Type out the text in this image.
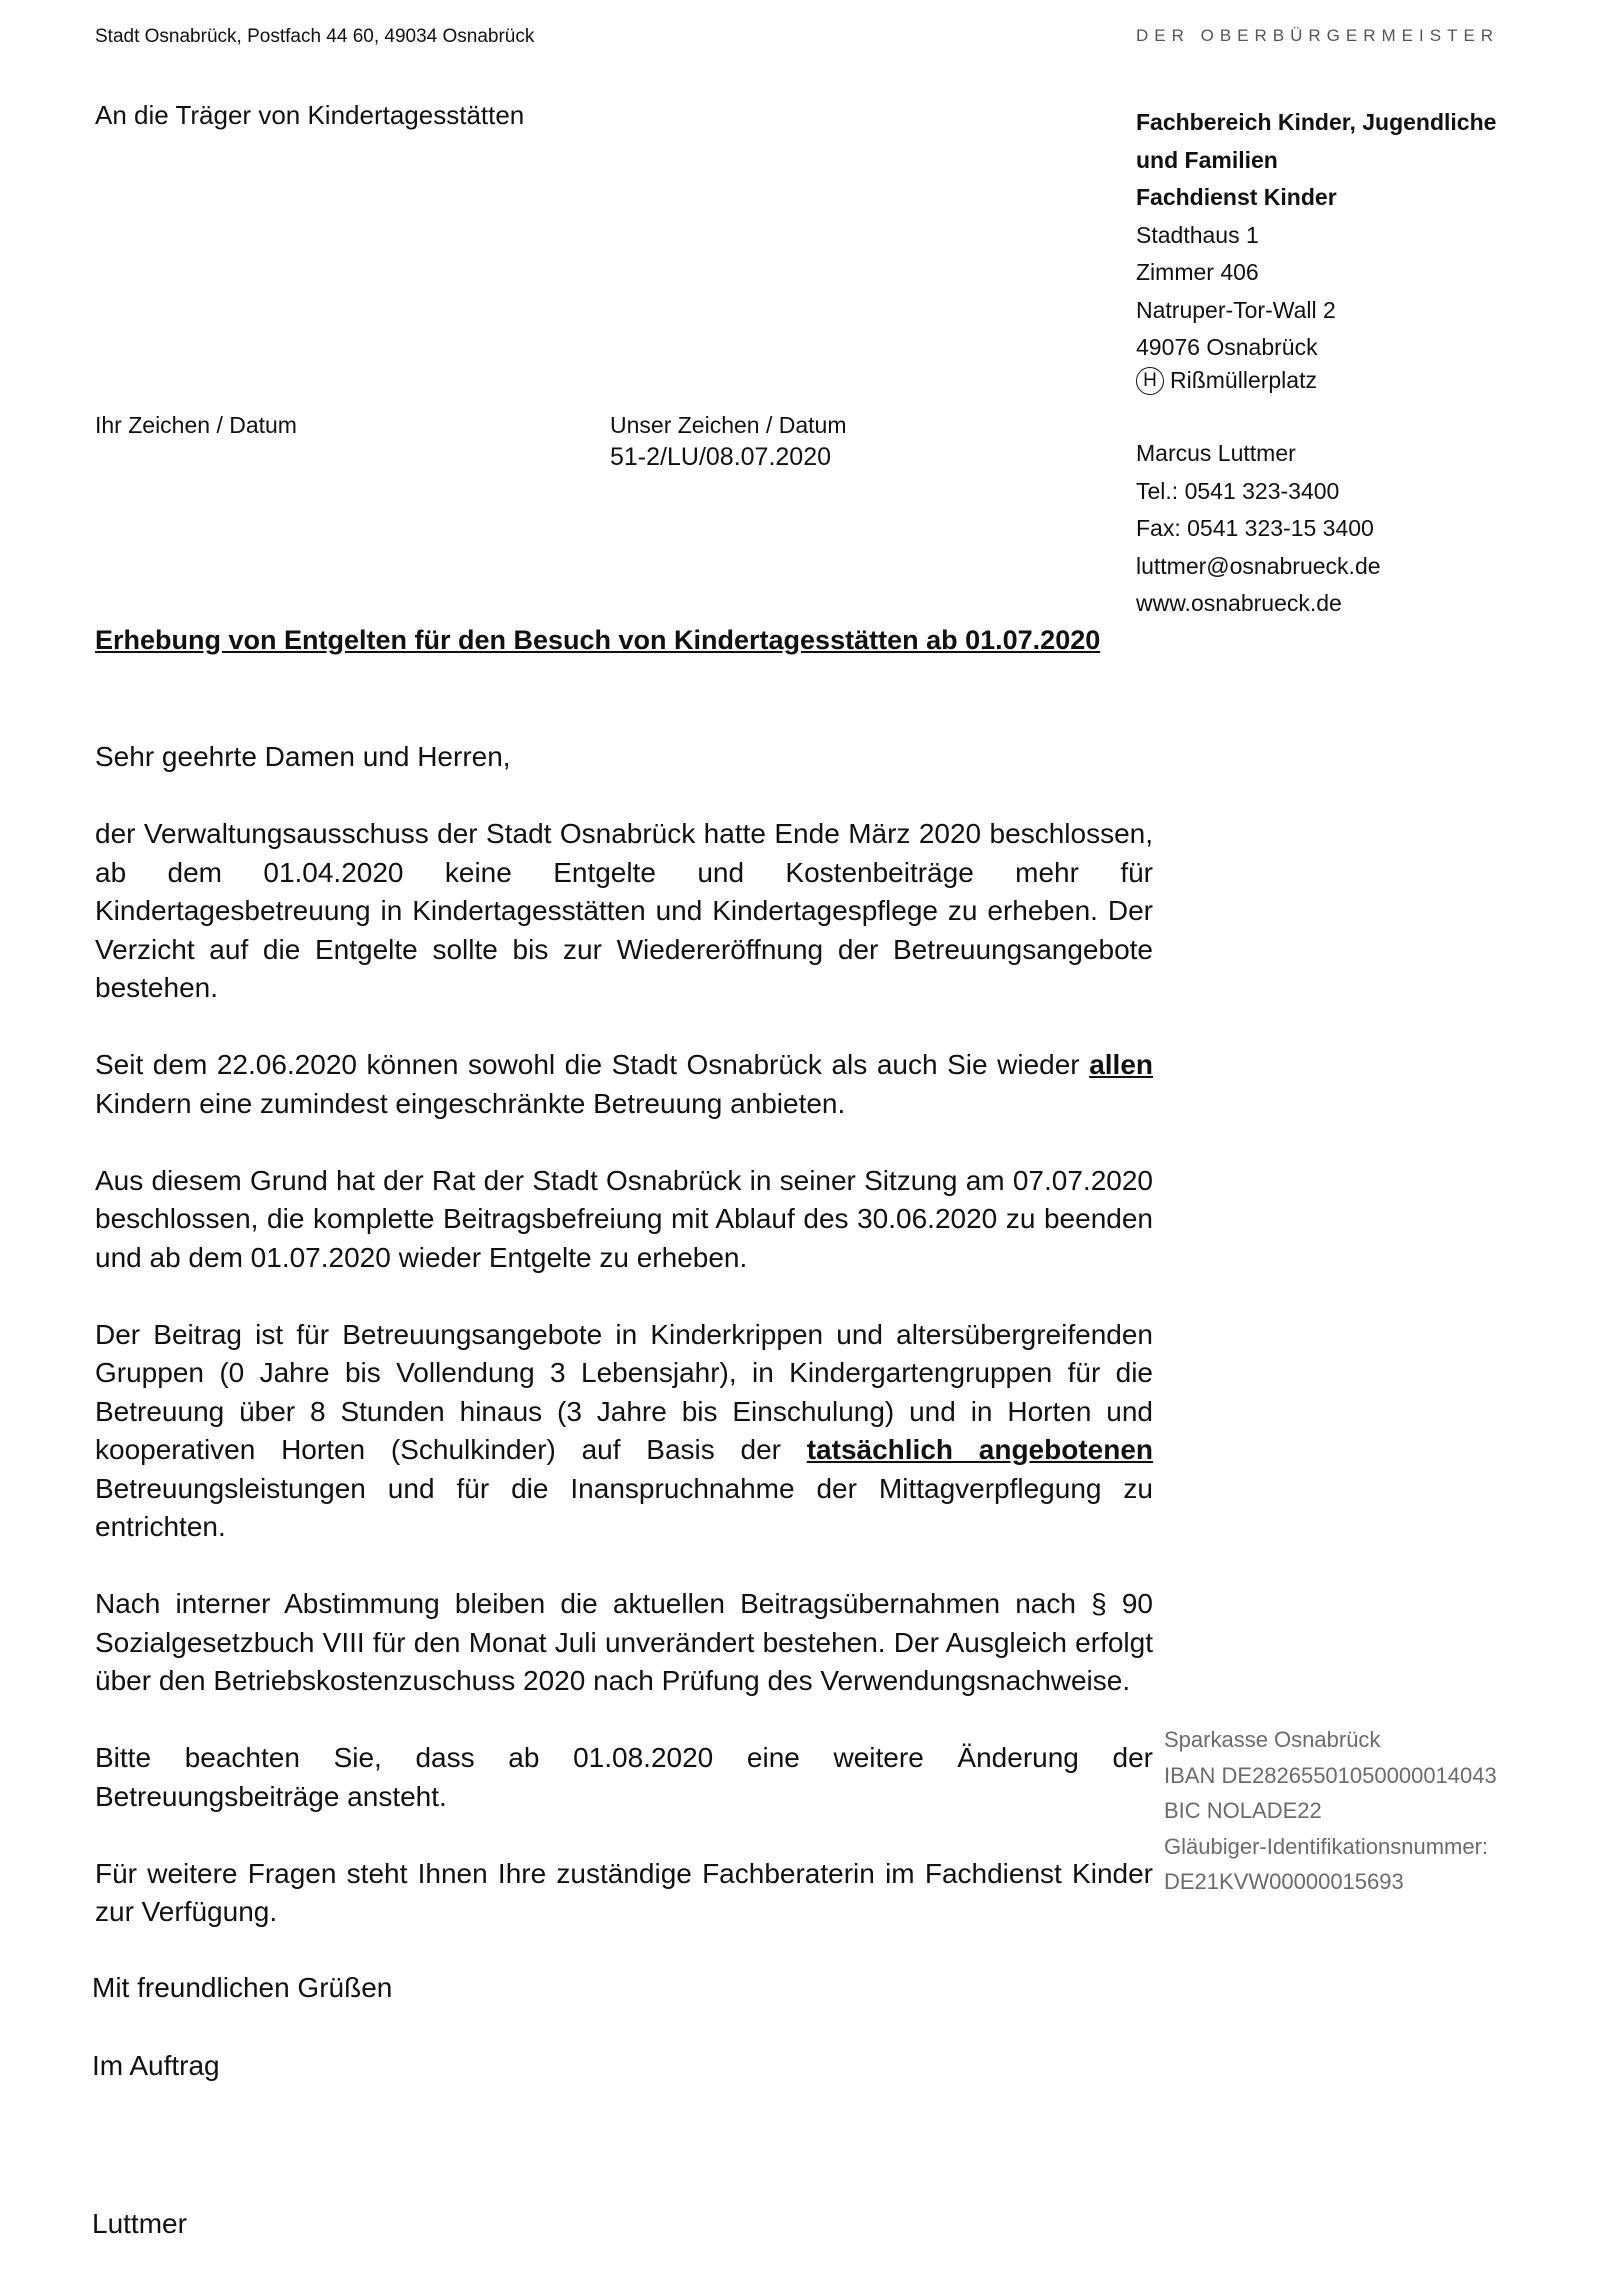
Stadt Osnabrück, Postfach 44 60, 49034 Osnabrück	DER OBERBÜRGERMEISTER
An die Träger von Kindertagesstätten	Fachbereich Kinder, Jugendliche
und Familien
Fachdienst Kinder
Stadthaus 1
Zimmer 406
Natruper-Tor-Wall 2
49076 Osnabrück
H Rißmüllerplatz
Ihr Zeichen / Datum	Unser Zeichen / Datum
51-2/LU/08.07.2020	Marcus Luttmer
Tel.: 0541 323-3400
Fax: 0541 323-15 3400
luttmer@osnabrueck.de
www.osnabrueck.de
Erhebung von Entgelten für den Besuch von Kindertagesstätten ab 01.07.2020

Sehr geehrte Damen und Herren,

der Verwaltungsausschuss der Stadt Osnabrück hatte Ende März 2020 beschlossen, ab dem 01.04.2020 keine Entgelte und Kostenbeiträge mehr für Kindertagesbetreuung in Kindertagesstätten und Kindertagespflege zu erheben. Der Verzicht auf die Entgelte sollte bis zur Wiedereröffnung der Betreuungsangebote bestehen.

Seit dem 22.06.2020 können sowohl die Stadt Osnabrück als auch Sie wieder allen Kindern eine zumindest eingeschränkte Betreuung anbieten.

Aus diesem Grund hat der Rat der Stadt Osnabrück in seiner Sitzung am 07.07.2020 beschlossen, die komplette Beitragsbefreiung mit Ablauf des 30.06.2020 zu beenden und ab dem 01.07.2020 wieder Entgelte zu erheben.

Der Beitrag ist für Betreuungsangebote in Kinderkrippen und altersübergreifenden Gruppen (0 Jahre bis Vollendung 3 Lebensjahr), in Kindergartengruppen für die Betreuung über 8 Stunden hinaus (3 Jahre bis Einschulung) und in Horten und kooperativen Horten (Schulkinder) auf Basis der tatsächlich angebotenen Betreuungsleistungen und für die Inanspruchnahme der Mittagverpflegung zu entrichten.

Nach interner Abstimmung bleiben die aktuellen Beitragsübernahmen nach § 90 Sozialgesetzbuch VIII für den Monat Juli unverändert bestehen. Der Ausgleich erfolgt über den Betriebskostenzuschuss 2020 nach Prüfung des Verwendungsnachweise.

Bitte beachten Sie, dass ab 01.08.2020 eine weitere Änderung der Betreuungsbeiträge ansteht.

Für weitere Fragen steht Ihnen Ihre zuständige Fachberaterin im Fachdienst Kinder zur Verfügung.

Sparkasse Osnabrück
IBAN DE28265501050000014043
BIC NOLADE22
Gläubiger-Identifikationsnummer:
DE21KVW00000015693
Mit freundlichen Grüßen
Im Auftrag
Luttmer
